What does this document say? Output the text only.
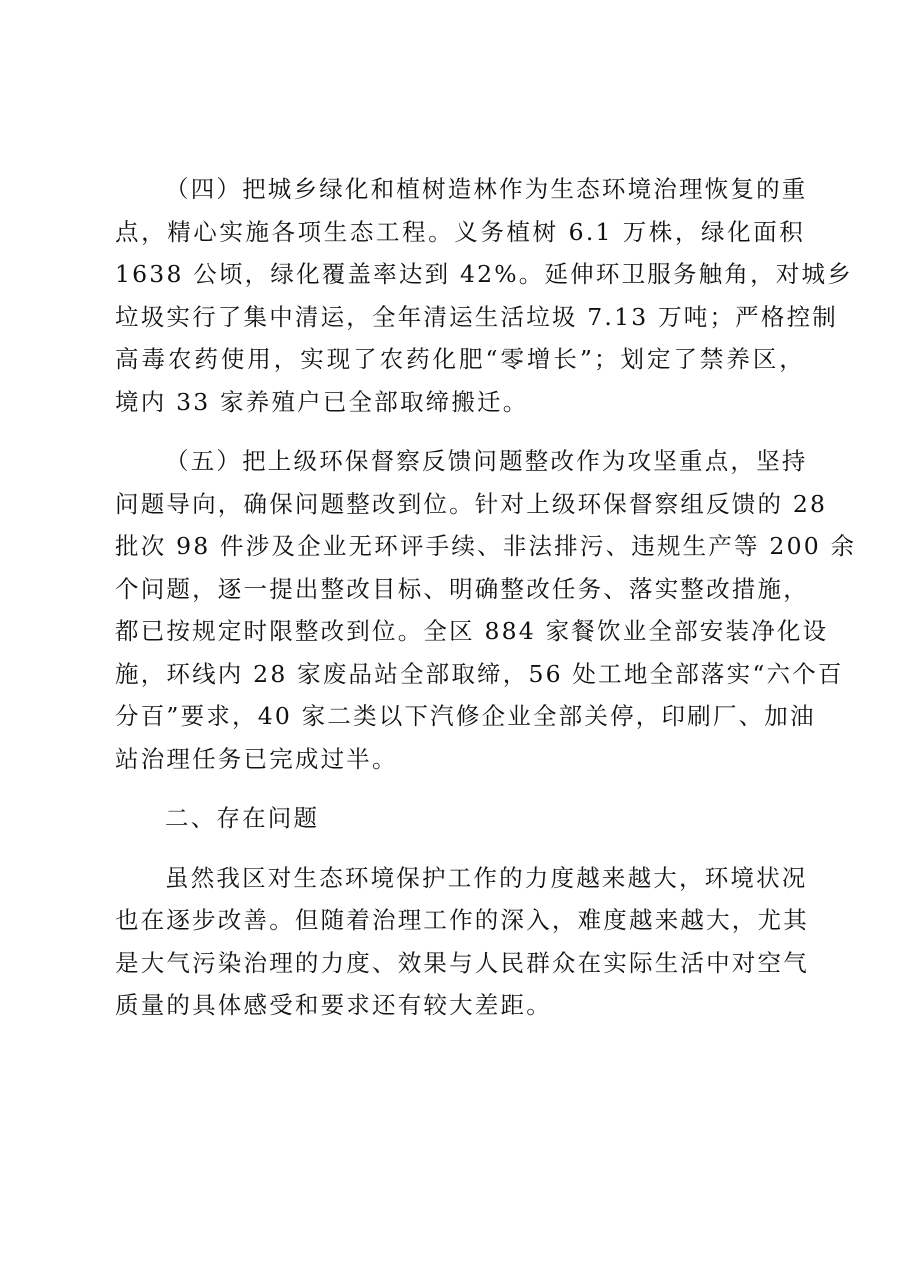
（四）把城乡绿化和植树造林作为生态环境治理恢复的重
点，精心实施各项生态工程。义务植树 6.1 万株，绿化面积
1638 公顷，绿化覆盖率达到 42%。延伸环卫服务触角，对城乡
垃圾实行了集中清运，全年清运生活垃圾 7.13 万吨；严格控制
高毒农药使用，实现了农药化肥“零增长”；划定了禁养区，
境内 33 家养殖户已全部取缔搬迁。
（五）把上级环保督察反馈问题整改作为攻坚重点，坚持
问题导向，确保问题整改到位。针对上级环保督察组反馈的 28
批次 98 件涉及企业无环评手续、非法排污、违规生产等 200 余
个问题，逐一提出整改目标、明确整改任务、落实整改措施，
都已按规定时限整改到位。全区 884 家餐饮业全部安装净化设
施，环线内 28 家废品站全部取缔，56 处工地全部落实“六个百
分百”要求，40 家二类以下汽修企业全部关停，印刷厂、加油
站治理任务已完成过半。
二、存在问题
虽然我区对生态环境保护工作的力度越来越大，环境状况
也在逐步改善。但随着治理工作的深入，难度越来越大，尤其
是大气污染治理的力度、效果与人民群众在实际生活中对空气
质量的具体感受和要求还有较大差距。
